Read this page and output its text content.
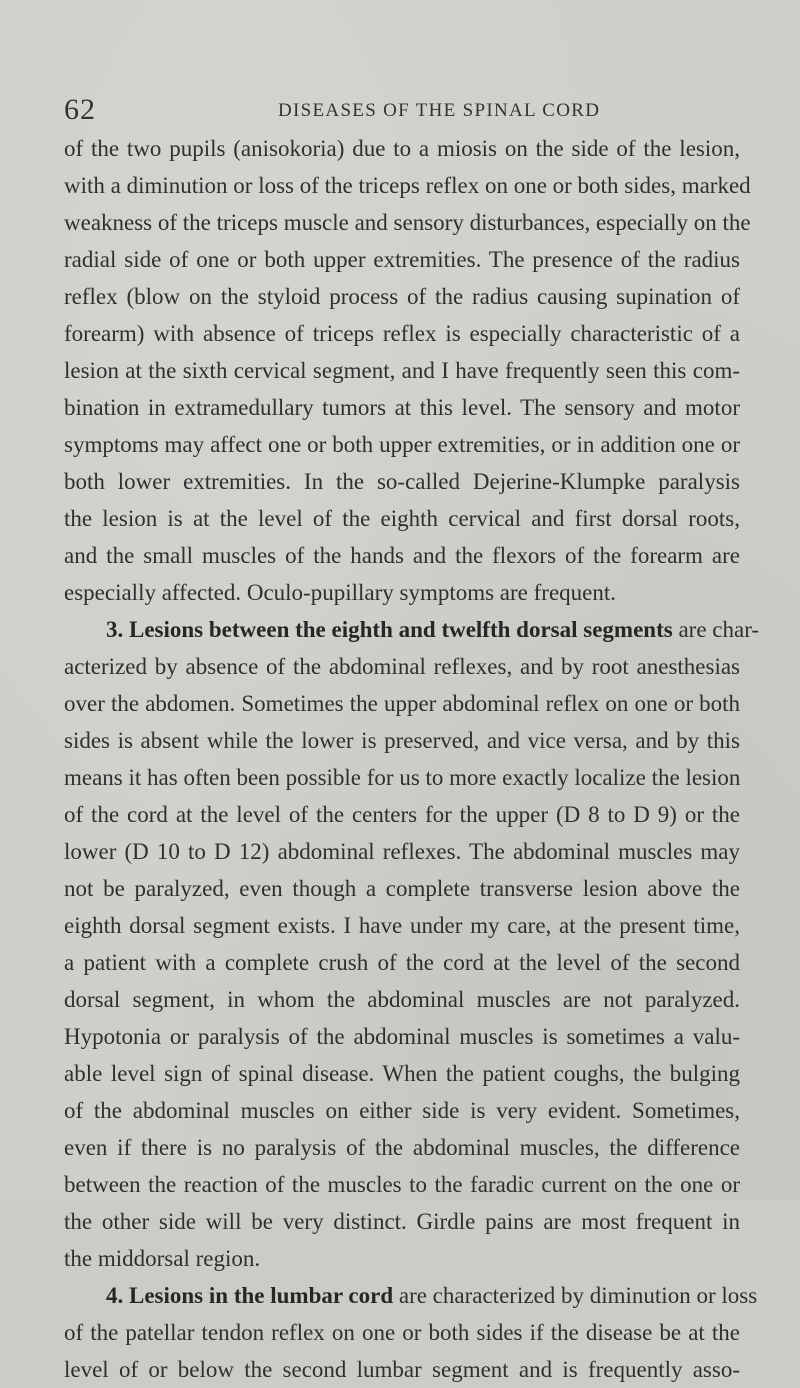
62	DISEASES OF THE SPINAL CORD
of the two pupils (anisokoria) due to a miosis on the side of the lesion,
with a diminution or loss of the triceps reflex on one or both sides, marked
weakness of the triceps muscle and sensory disturbances, especially on the
radial side of one or both upper extremities. The presence of the radius
reflex (blow on the styloid process of the radius causing supination of
forearm) with absence of triceps reflex is especially characteristic of a
lesion at the sixth cervical segment, and I have frequently seen this com-
bination in extramedullary tumors at this level. The sensory and motor
symptoms may affect one or both upper extremities, or in addition one or
both lower extremities. In the so-called Dejerine-Klumpke paralysis
the lesion is at the level of the eighth cervical and first dorsal roots,
and the small muscles of the hands and the flexors of the forearm are
especially affected. Oculo-pupillary symptoms are frequent.
3. Lesions between the eighth and twelfth dorsal segments are char-
acterized by absence of the abdominal reflexes, and by root anesthesias
over the abdomen. Sometimes the upper abdominal reflex on one or both
sides is absent while the lower is preserved, and vice versa, and by this
means it has often been possible for us to more exactly localize the lesion
of the cord at the level of the centers for the upper (D 8 to D 9) or the
lower (D 10 to D 12) abdominal reflexes. The abdominal muscles may
not be paralyzed, even though a complete transverse lesion above the
eighth dorsal segment exists. I have under my care, at the present time,
a patient with a complete crush of the cord at the level of the second
dorsal segment, in whom the abdominal muscles are not paralyzed.
Hypotonia or paralysis of the abdominal muscles is sometimes a valu-
able level sign of spinal disease. When the patient coughs, the bulging
of the abdominal muscles on either side is very evident. Sometimes,
even if there is no paralysis of the abdominal muscles, the difference
between the reaction of the muscles to the faradic current on the one or
the other side will be very distinct. Girdle pains are most frequent in
the middorsal region.
4. Lesions in the lumbar cord are characterized by diminution or loss
of the patellar tendon reflex on one or both sides if the disease be at the
level of or below the second lumbar segment and is frequently asso-
